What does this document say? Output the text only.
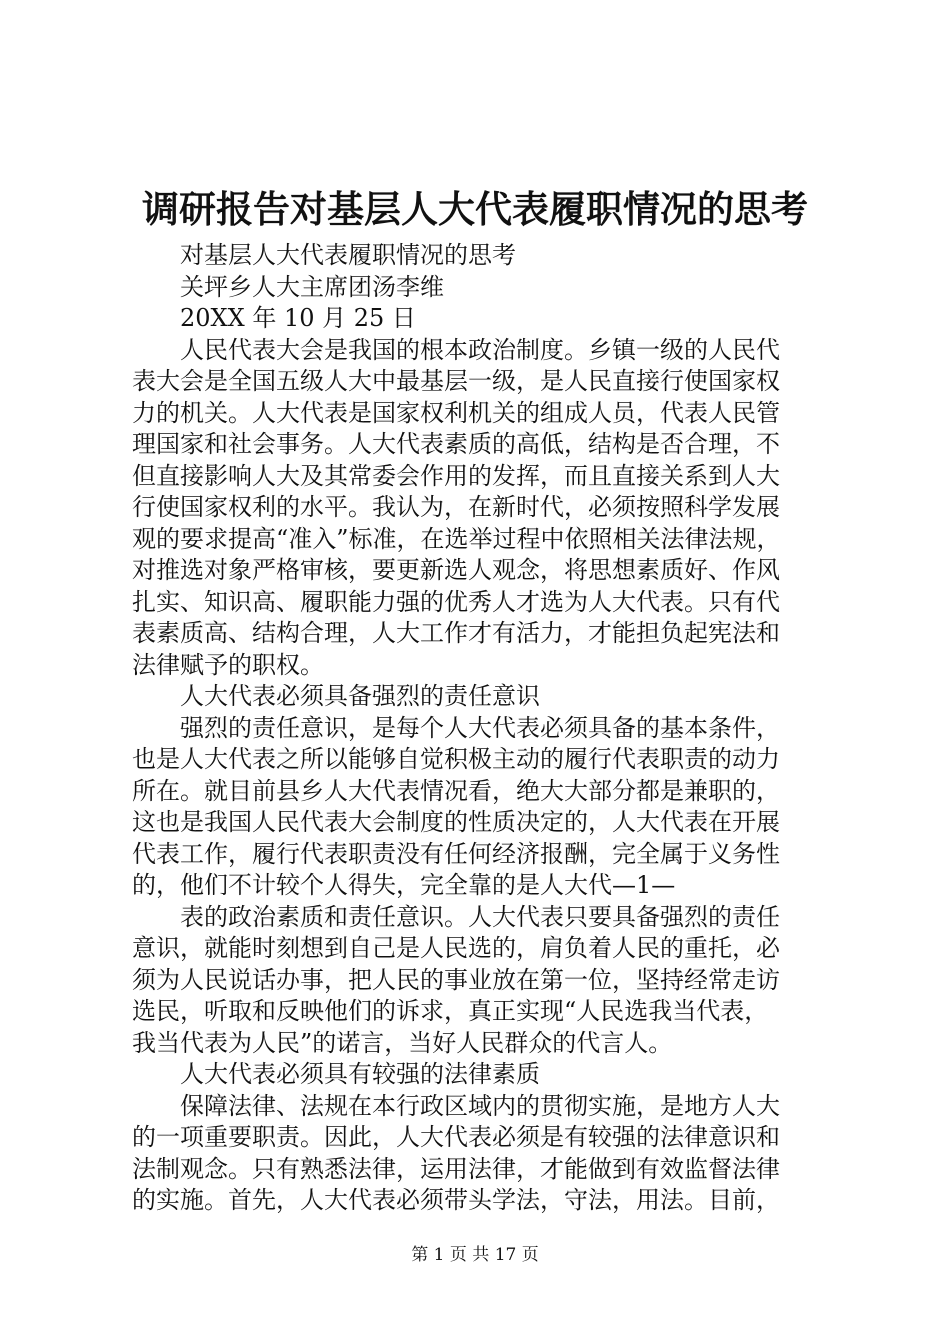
调研报告对基层人大代表履职情况的思考
对基层人大代表履职情况的思考
关坪乡人大主席团汤李维
20XX 年 10 月 25 日
人民代表大会是我国的根本政治制度。乡镇一级的人民代
表大会是全国五级人大中最基层一级，是人民直接行使国家权
力的机关。人大代表是国家权利机关的组成人员，代表人民管
理国家和社会事务。人大代表素质的高低，结构是否合理，不
但直接影响人大及其常委会作用的发挥，而且直接关系到人大
行使国家权利的水平。我认为，在新时代，必须按照科学发展
观的要求提高“准入”标准，在选举过程中依照相关法律法规，
对推选对象严格审核，要更新选人观念，将思想素质好、作风
扎实、知识高、履职能力强的优秀人才选为人大代表。只有代
表素质高、结构合理，人大工作才有活力，才能担负起宪法和
法律赋予的职权。
人大代表必须具备强烈的责任意识
强烈的责任意识，是每个人大代表必须具备的基本条件，
也是人大代表之所以能够自觉积极主动的履行代表职责的动力
所在。就目前县乡人大代表情况看，绝大大部分都是兼职的，
这也是我国人民代表大会制度的性质决定的，人大代表在开展
代表工作，履行代表职责没有任何经济报酬，完全属于义务性
的，他们不计较个人得失，完全靠的是人大代—1—
表的政治素质和责任意识。人大代表只要具备强烈的责任
意识，就能时刻想到自己是人民选的，肩负着人民的重托，必
须为人民说话办事，把人民的事业放在第一位，坚持经常走访
选民，听取和反映他们的诉求，真正实现“人民选我当代表，
我当代表为人民”的诺言，当好人民群众的代言人。
人大代表必须具有较强的法律素质
保障法律、法规在本行政区域内的贯彻实施，是地方人大
的一项重要职责。因此，人大代表必须是有较强的法律意识和
法制观念。只有熟悉法律，运用法律，才能做到有效监督法律
的实施。首先，人大代表必须带头学法，守法，用法。目前，
第 1 页 共 17 页
